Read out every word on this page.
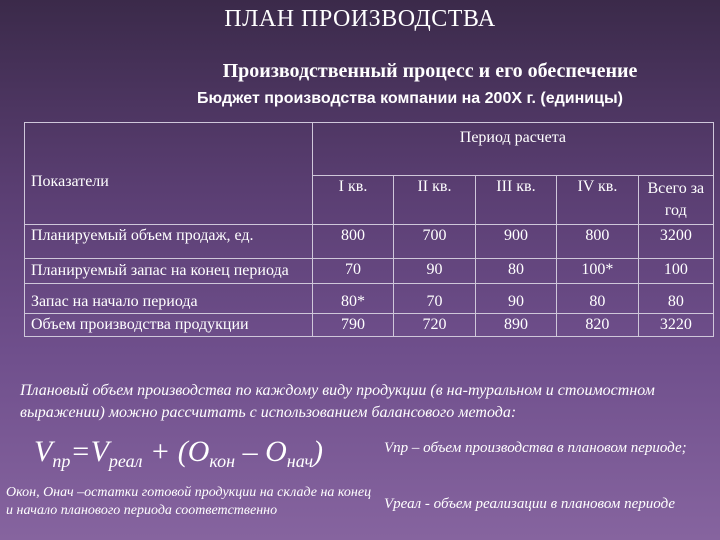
ПЛАН ПРОИЗВОДСТВА
Производственный процесс и его обеспечение
Бюджет производства компании на 200Х г. (единицы)
Показатели	Период расчета				
	I кв.	II кв.	III кв.	IV кв.	Всего за год
Планируемый объем продаж, ед.	800	700	900	800	3200
Планируемый запас на конец периода	70	90	80	100*	100
Запас на начало периода	80*	70	90	80	80
Объем производства продукции	790	720	890	820	3220
Плановый объем производства по каждому виду продукции (в на-туральном и стоимостном выражении) можно рассчитать с использованием балансового метода:
$V_{пр}=V_{реал} + (O_{кон} - O_{нач})$
Окон, Онач –остатки готовой продукции на складе на конец и начало планового периода соответственно
Vпр – объем производства в плановом периоде;
Vреал - объем реализации в плановом периоде
